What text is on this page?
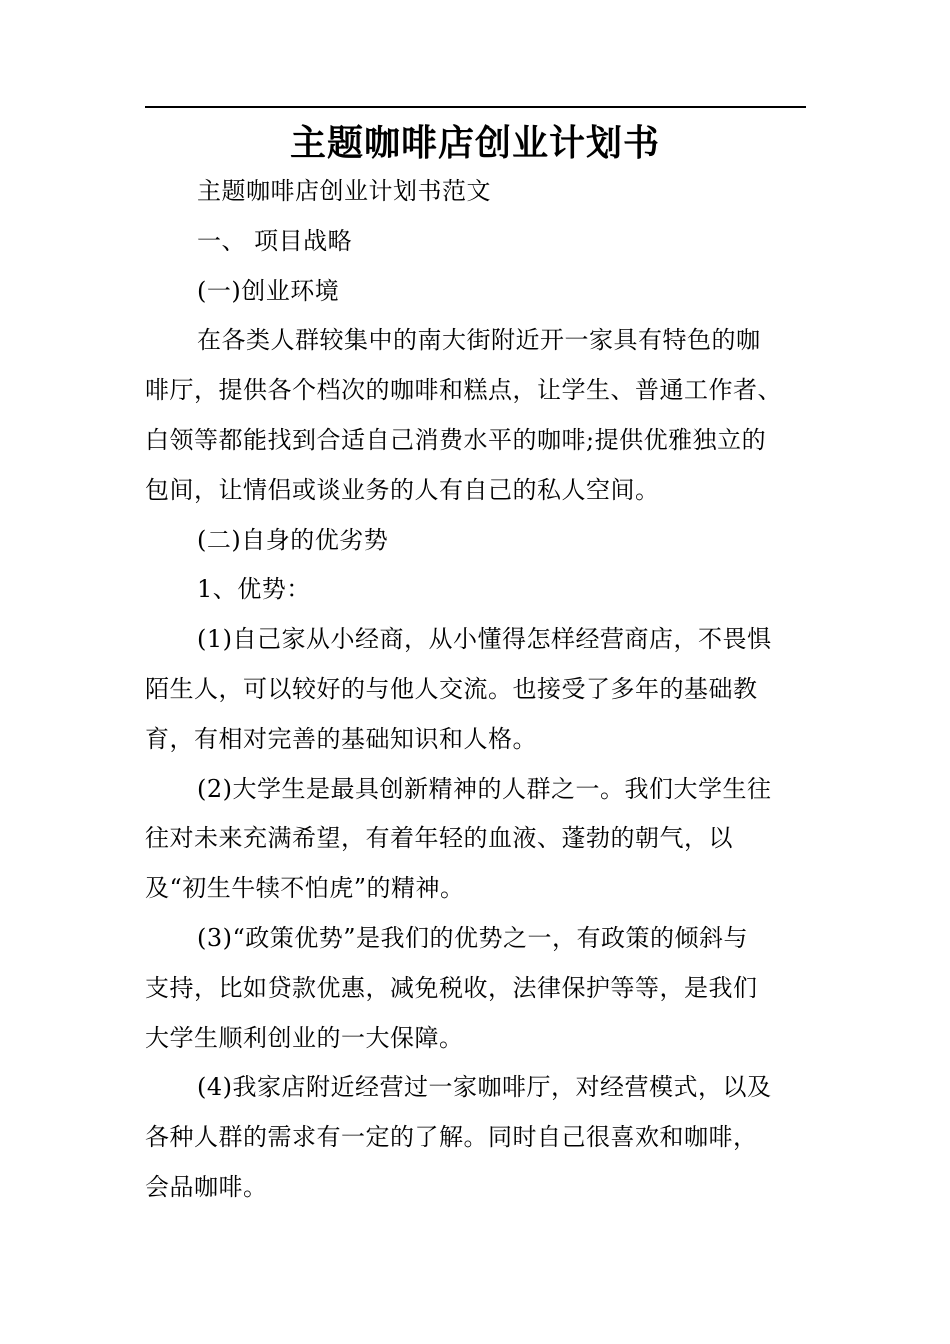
主题咖啡店创业计划书
主题咖啡店创业计划书范文
一、 项目战略
(一)创业环境
在各类人群较集中的南大街附近开一家具有特色的咖
啡厅，提供各个档次的咖啡和糕点，让学生、普通工作者、
白领等都能找到合适自己消费水平的咖啡;提供优雅独立的
包间，让情侣或谈业务的人有自己的私人空间。
(二)自身的优劣势
1、优势：
(1)自己家从小经商，从小懂得怎样经营商店，不畏惧
陌生人，可以较好的与他人交流。也接受了多年的基础教
育，有相对完善的基础知识和人格。
(2)大学生是最具创新精神的人群之一。我们大学生往
往对未来充满希望，有着年轻的血液、蓬勃的朝气，以
及“初生牛犊不怕虎”的精神。
(3)“政策优势”是我们的优势之一，有政策的倾斜与
支持，比如贷款优惠，减免税收，法律保护等等，是我们
大学生顺利创业的一大保障。
(4)我家店附近经营过一家咖啡厅，对经营模式，以及
各种人群的需求有一定的了解。同时自己很喜欢和咖啡，
会品咖啡。
